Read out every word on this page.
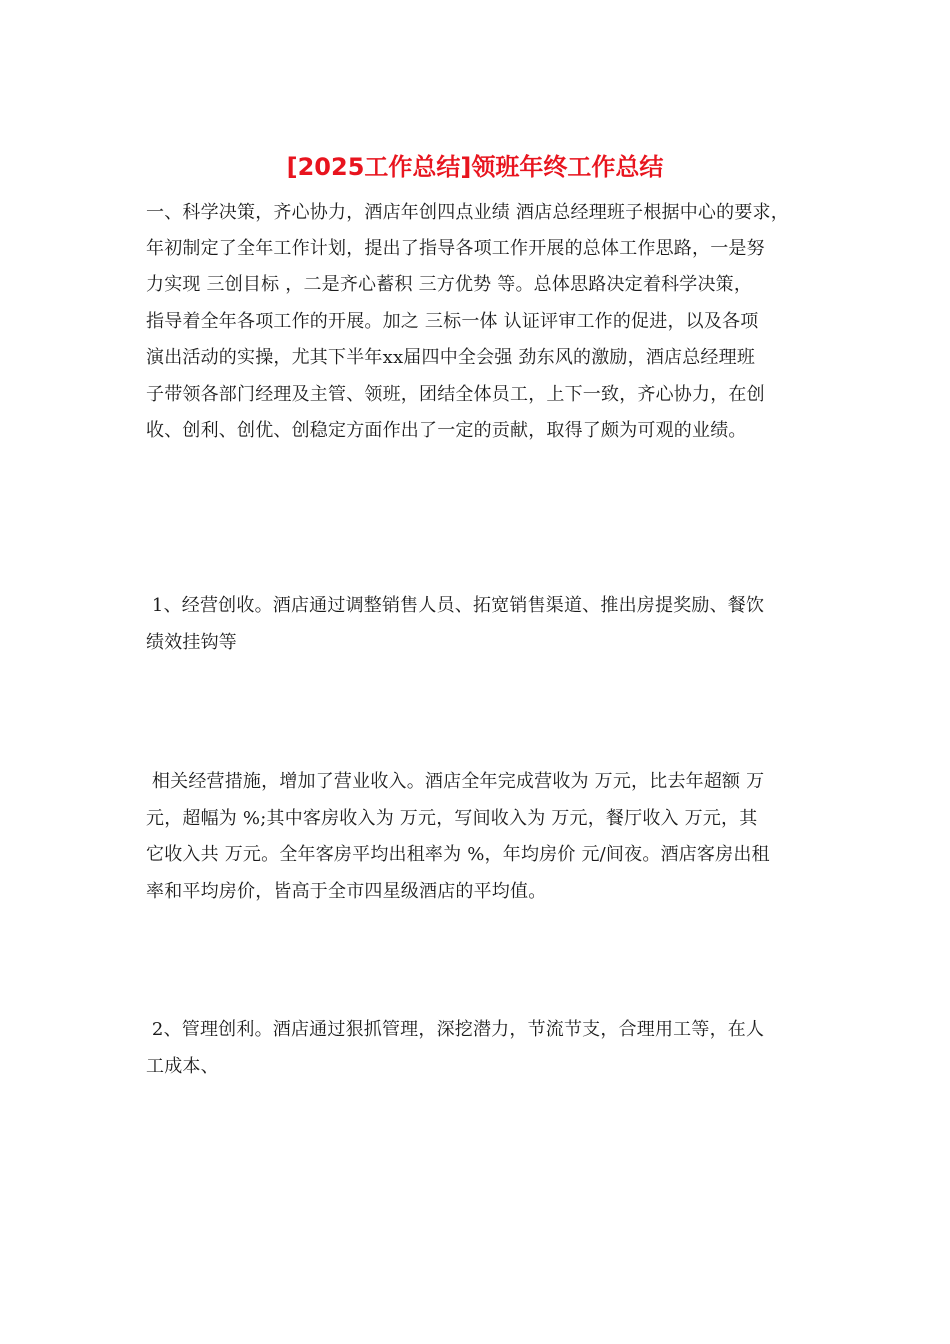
[2025工作总结]领班年终工作总结
一、科学决策，齐心协力，酒店年创四点业绩 酒店总经理班子根据中心的要求，
年初制定了全年工作计划，提出了指导各项工作开展的总体工作思路，一是努
力实现 三创目标 ，二是齐心蓄积 三方优势 等。总体思路决定着科学决策，
指导着全年各项工作的开展。加之 三标一体 认证评审工作的促进，以及各项
演出活动的实操，尤其下半年xx届四中全会强 劲东风的激励，酒店总经理班
子带领各部门经理及主管、领班，团结全体员工，上下一致，齐心协力，在创
收、创利、创优、创稳定方面作出了一定的贡献，取得了颇为可观的业绩。
1、经营创收。酒店通过调整销售人员、拓宽销售渠道、推出房提奖励、餐饮
绩效挂钩等
相关经营措施，增加了营业收入。酒店全年完成营收为 万元，比去年超额 万
元，超幅为 %;其中客房收入为 万元，写间收入为 万元，餐厅收入 万元，其
它收入共 万元。全年客房平均出租率为 %，年均房价 元/间夜。酒店客房出租
率和平均房价，皆高于全市四星级酒店的平均值。
2、管理创利。酒店通过狠抓管理，深挖潜力，节流节支，合理用工等，在人
工成本、
